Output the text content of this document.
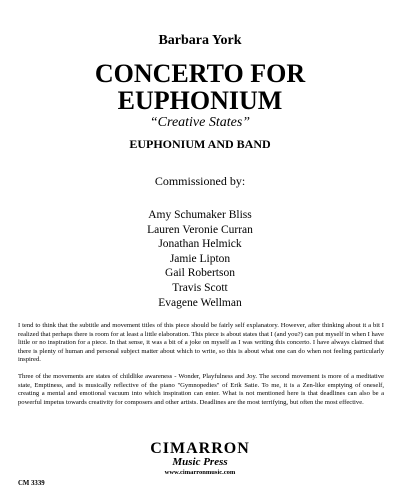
Barbara York
CONCERTO FOR
EUPHONIUM
“Creative States”
EUPHONIUM AND BAND
Commissioned by:
Amy Schumaker Bliss
Lauren Veronie Curran
Jonathan Helmick
Jamie Lipton
Gail Robertson
Travis Scott
Evagene Wellman

I tend to think that the subtitle and movement titles of this piece should be fairly self explanatory. However, after thinking about it a bit I realized that perhaps there is room for at least a little elaboration. This piece is about states that I (and you?) can put myself in when I have little or no inspiration for a piece. In that sense, it was a bit of a joke on myself as I was writing this concerto. I have always claimed that there is plenty of human and personal subject matter about which to write, so this is about what one can do when not feeling particularly inspired.

Three of the movements are states of childlike awareness - Wonder, Playfulness and Joy. The second movement is more of a meditative state, Emptiness, and is musically reflective of the piano "Gymnopedies" of Erik Satie. To me, it is a Zen-like emptying of oneself, creating a mental and emotional vacuum into which inspiration can enter. What is not mentioned here is that deadlines can also be a powerful impetus towards creativity for composers and other artists. Deadlines are the most terrifying, but often the most effective.

CIMARRON
Music Press
www.cimarronmusic.com
CM 3339
